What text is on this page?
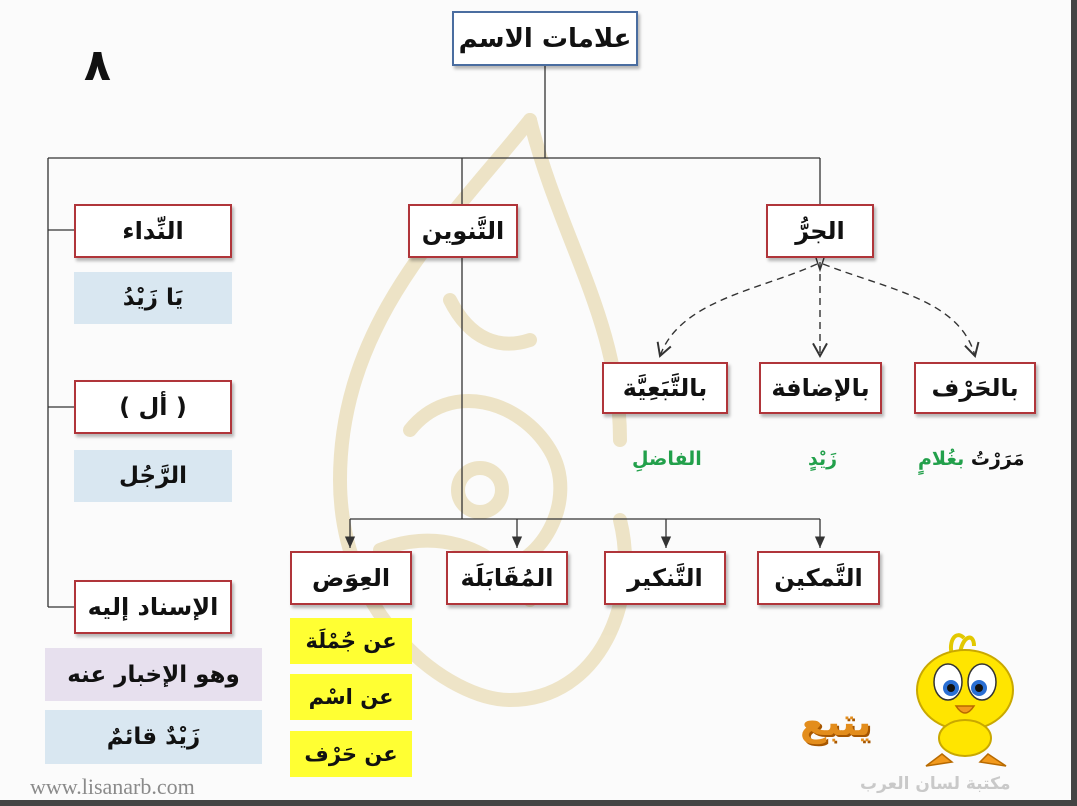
٨
علامات الاسم
الجرُّ
بالحَرْف
بالإضافة
بالتَّبَعِيَّة
مَرَرْتُ بغُلامٍ
زَيْدٍ
الفاضلِ
التَّنوين
التَّمكين
التَّنكير
المُقَابَلَة
العِوَض
عن جُمْلَة
عن اسْم
عن حَرْف
النِّداء
يَا زَيْدُ
( أل )
الرَّجُل
الإسناد إليه
وهو الإخبار عنه
زَيْدٌ قائمٌ
www.lisanarb.com
يتبع
مكتبة لسان العرب
